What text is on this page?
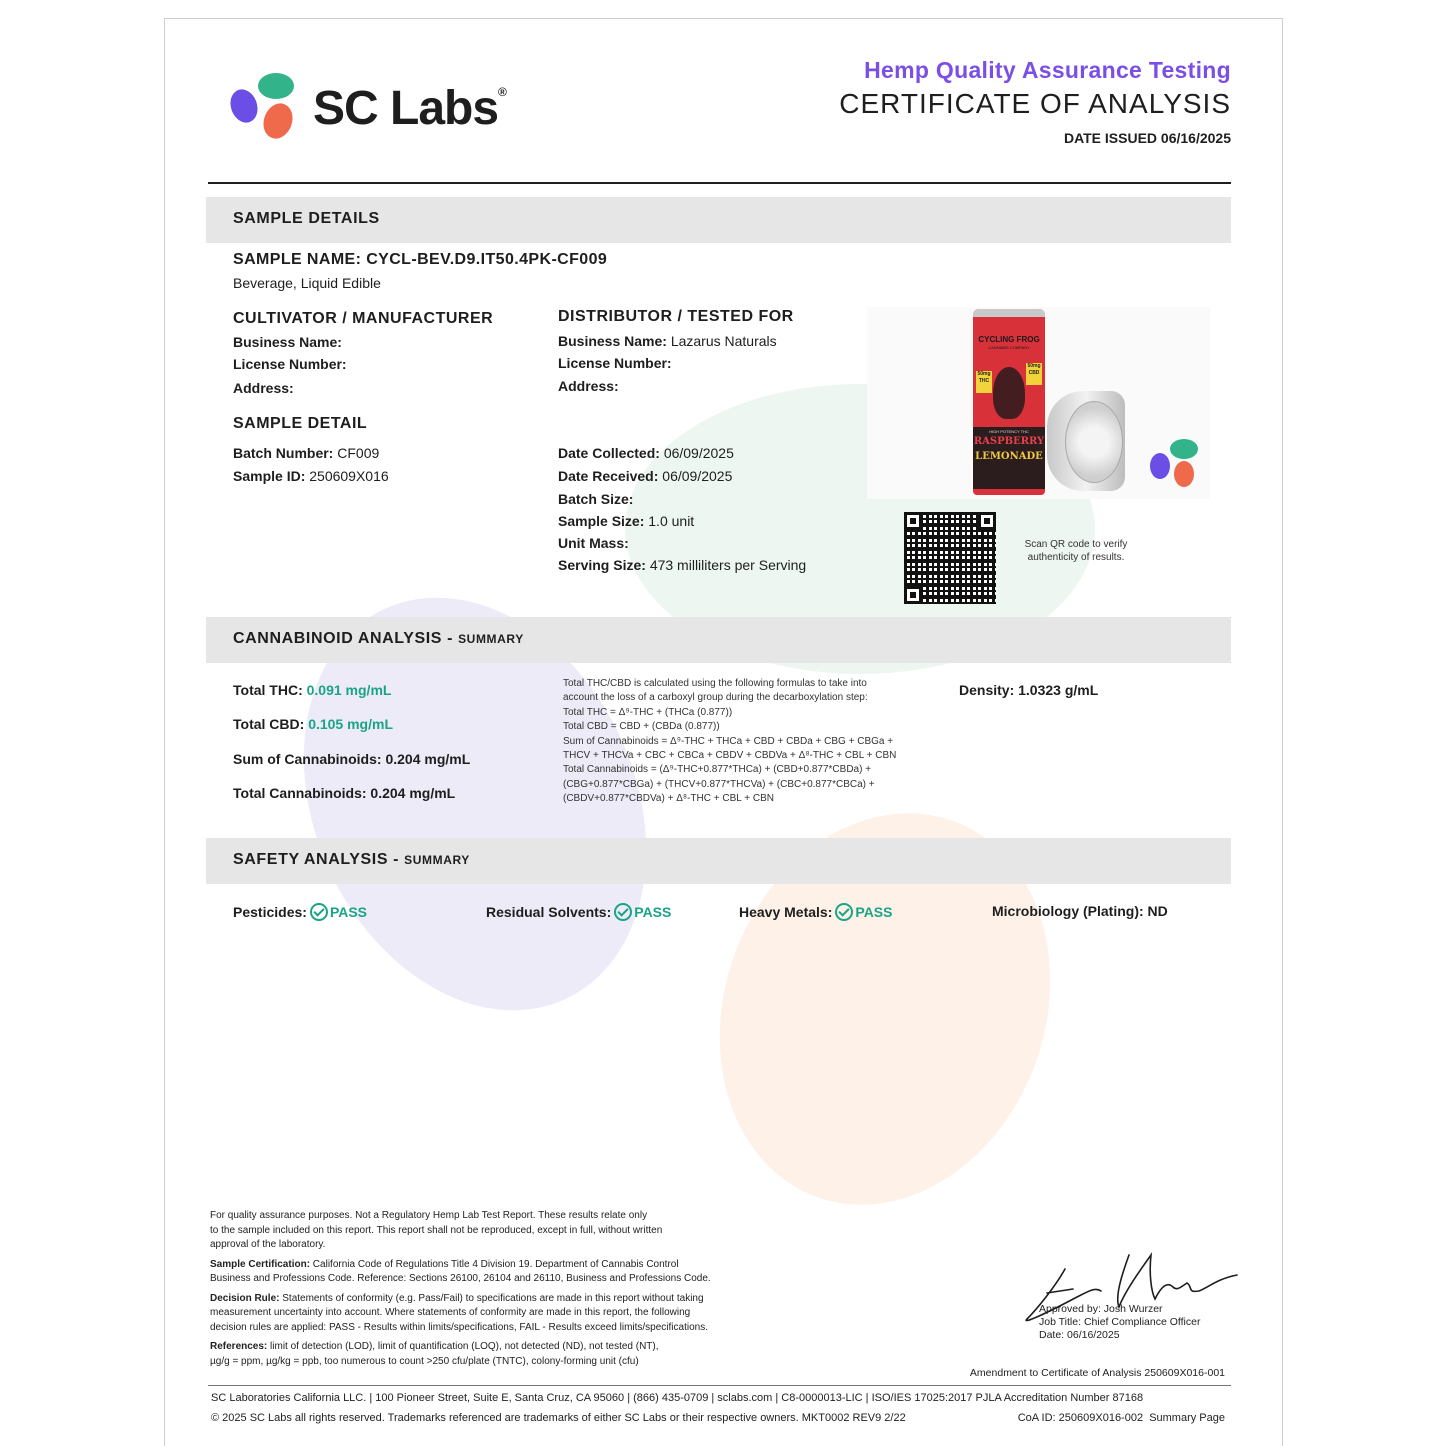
SC Labs®
Hemp Quality Assurance Testing
CERTIFICATE OF ANALYSIS
DATE ISSUED 06/16/2025
SAMPLE DETAILS
SAMPLE NAME: CYCL-BEV.D9.IT50.4PK-CF009
Beverage, Liquid Edible
CULTIVATOR / MANUFACTURER
Business Name:
License Number:
Address:
DISTRIBUTOR / TESTED FOR
Business Name: Lazarus Naturals
License Number:
Address:
SAMPLE DETAIL
Batch Number: CF009
Sample ID: 250609X016
Date Collected: 06/09/2025
Date Received: 06/09/2025
Batch Size:
Sample Size: 1.0 unit
Unit Mass:
Serving Size: 473 milliliters per Serving
CYCLING FROG
CANNABIS COMPANY
50mg THC
50mg CBD
HIGH POTENCY THC
RASPBERRY
LEMONADE
Scan QR code to verify
authenticity of results.
CANNABINOID ANALYSIS - SUMMARY
Total THC: 0.091 mg/mL
Total CBD: 0.105 mg/mL
Sum of Cannabinoids: 0.204 mg/mL
Total Cannabinoids: 0.204 mg/mL
Total THC/CBD is calculated using the following formulas to take into
account the loss of a carboxyl group during the decarboxylation step:
Total THC = Δ⁹-THC + (THCa (0.877))
Total CBD = CBD + (CBDa (0.877))
Sum of Cannabinoids = Δ⁹-THC + THCa + CBD + CBDa + CBG + CBGa +
THCV + THCVa + CBC + CBCa + CBDV + CBDVa + Δ⁸-THC + CBL + CBN
Total Cannabinoids = (Δ⁹-THC+0.877*THCa) + (CBD+0.877*CBDa) +
(CBG+0.877*CBGa) + (THCV+0.877*THCVa) + (CBC+0.877*CBCa) +
(CBDV+0.877*CBDVa) + Δ⁸-THC + CBL + CBN
Density: 1.0323 g/mL
SAFETY ANALYSIS - SUMMARY
Pesticides: PASS	Residual Solvents: PASS	Heavy Metals: PASS	Microbiology (Plating): ND
For quality assurance purposes. Not a Regulatory Hemp Lab Test Report. These results relate only
to the sample included on this report. This report shall not be reproduced, except in full, without written
approval of the laboratory.
Sample Certification: California Code of Regulations Title 4 Division 19. Department of Cannabis Control
Business and Professions Code. Reference: Sections 26100, 26104 and 26110, Business and Professions Code.
Decision Rule: Statements of conformity (e.g. Pass/Fail) to specifications are made in this report without taking
measurement uncertainty into account. Where statements of conformity are made in this report, the following
decision rules are applied: PASS - Results within limits/specifications, FAIL - Results exceed limits/specifications.
References: limit of detection (LOD), limit of quantification (LOQ), not detected (ND), not tested (NT),
µg/g = ppm, µg/kg = ppb, too numerous to count >250 cfu/plate (TNTC), colony-forming unit (cfu)
Approved by: Josh Wurzer
Job Title: Chief Compliance Officer
Date: 06/16/2025
Amendment to Certificate of Analysis 250609X016-001
SC Laboratories California LLC. | 100 Pioneer Street, Suite E, Santa Cruz, CA 95060 | (866) 435-0709 | sclabs.com | C8-0000013-LIC | ISO/IES 17025:2017 PJLA Accreditation Number 87168
© 2025 SC Labs all rights reserved. Trademarks referenced are trademarks of either SC Labs or their respective owners. MKT0002 REV9 2/22	CoA ID: 250609X016-002  Summary Page
